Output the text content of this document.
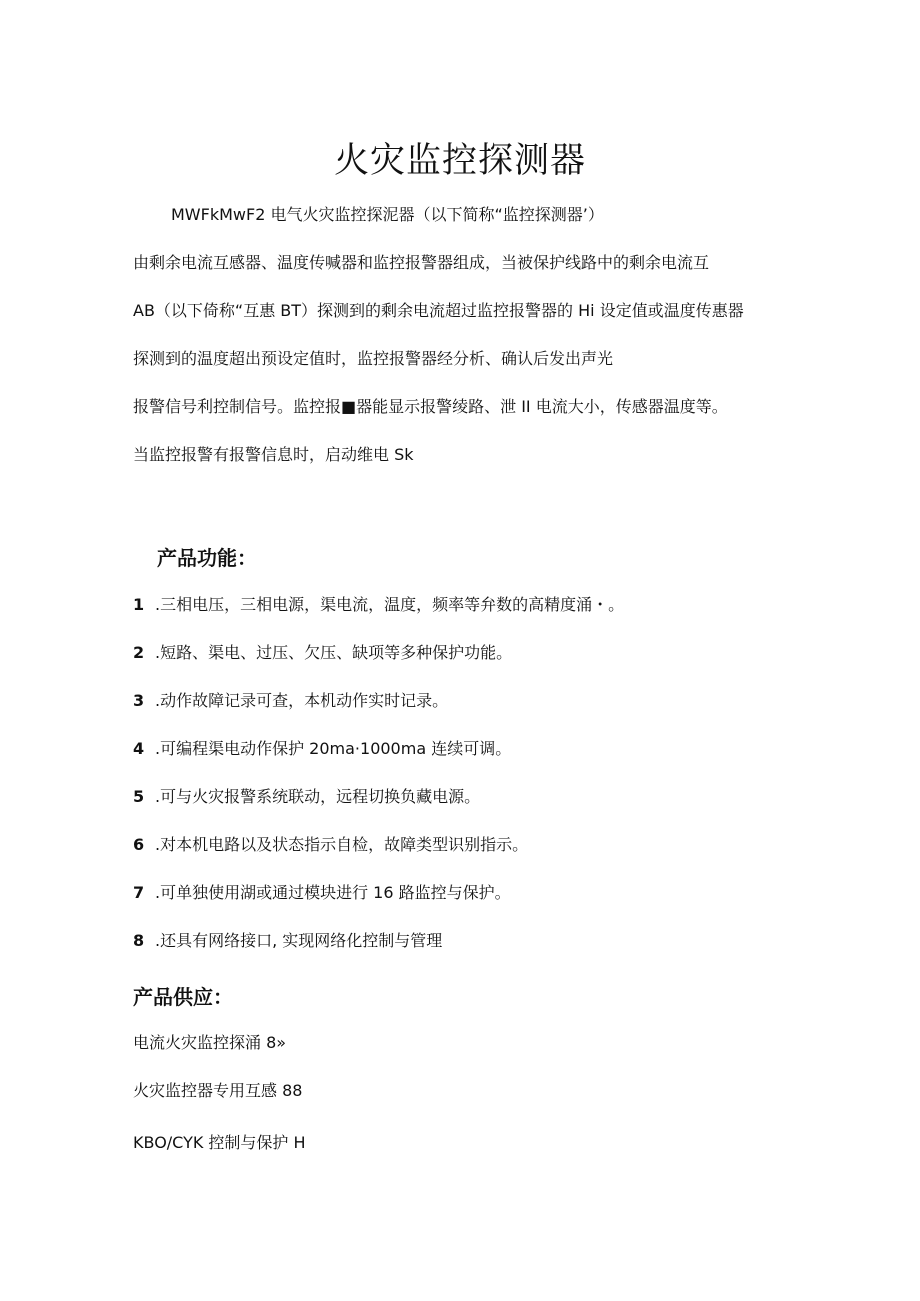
火灾监控探测器

MWFkMwF2 电气火灾监控探泥器（以下简称“监控探测器’）

由剩余电流互感器、温度传喊器和监控报警器组成，当被保护线路中的剩余电流互

AB（以下倚称“互惠 BT）探测到的剩余电流超过监控报警器的 Hi 设定值或温度传惠器

探测到的温度超出预设定值时，监控报警器经分析、确认后发出声光

报警信号利控制信号。监控报■器能显示报警绫路、泄 II 电流大小，传感器温度等。

当监控报警有报警信息时，启动维电 Sk

产品功能：
1 .三相电压，三相电源，渠电流，温度，频率等弁数的高精度涌・。
2 .短路、渠电、过压、欠压、缺项等多种保护功能。
3 .动作故障记录可查，本机动作实时记录。
4 .可编程渠电动作保护 20ma·1000ma 连续可调。
5 .可与火灾报警系统联动，远程切换负藏电源。
6 .对本机电路以及状态指示自检，故障类型识别指示。
7 .可单独使用湖或通过模块进行 16 路监控与保护。
8 .还具有网络接口, 实现网络化控制与管理
产品供应：
电流火灾监控探涌 8»
火灾监控器专用互感 88
KBO/CYK 控制与保护 H
